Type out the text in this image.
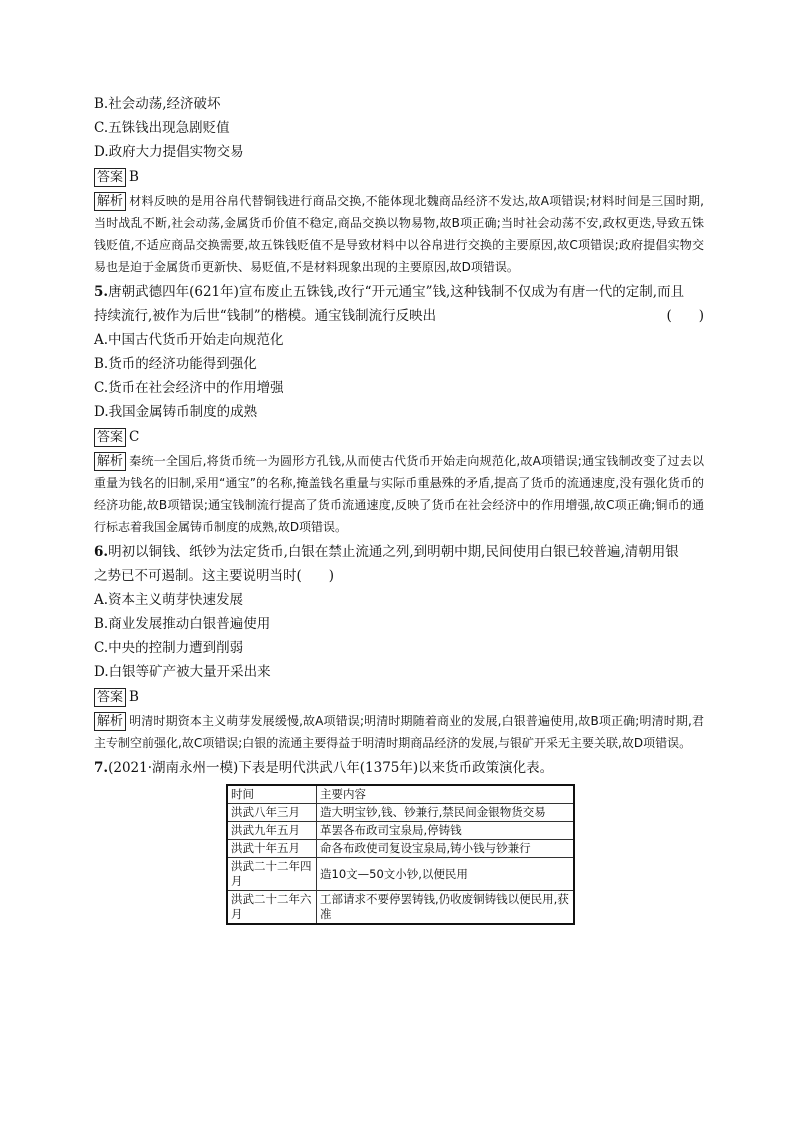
B.社会动荡,经济破坏
C.五铢钱出现急剧贬值
D.政府大力提倡实物交易
答案 B
解析 材料反映的是用谷帛代替铜钱进行商品交换,不能体现北魏商品经济不发达,故A项错误;材料时间是三国时期,当时战乱不断,社会动荡,金属货币价值不稳定,商品交换以物易物,故B项正确;当时社会动荡不安,政权更迭,导致五铢钱贬值,不适应商品交换需要,故五铢钱贬值不是导致材料中以谷帛进行交换的主要原因,故C项错误;政府提倡实物交易也是迫于金属货币更新快、易贬值,不是材料现象出现的主要原因,故D项错误。
5.唐朝武德四年(621年)宣布废止五铢钱,改行“开元通宝”钱,这种钱制不仅成为有唐一代的定制,而且
持续流行,被作为后世“钱制”的楷模。通宝钱制流行反映出	(　　)
A.中国古代货币开始走向规范化
B.货币的经济功能得到强化
C.货币在社会经济中的作用增强
D.我国金属铸币制度的成熟
答案 C
解析 秦统一全国后,将货币统一为圆形方孔钱,从而使古代货币开始走向规范化,故A项错误;通宝钱制改变了过去以重量为钱名的旧制,采用“通宝”的名称,掩盖钱名重量与实际币重悬殊的矛盾,提高了货币的流通速度,没有强化货币的经济功能,故B项错误;通宝钱制流行提高了货币流通速度,反映了货币在社会经济中的作用增强,故C项正确;铜币的通行标志着我国金属铸币制度的成熟,故D项错误。
6.明初以铜钱、纸钞为法定货币,白银在禁止流通之列,到明朝中期,民间使用白银已较普遍,清朝用银
之势已不可遏制。这主要说明当时(　　)
A.资本主义萌芽快速发展
B.商业发展推动白银普遍使用
C.中央的控制力遭到削弱
D.白银等矿产被大量开采出来
答案 B
解析 明清时期资本主义萌芽发展缓慢,故A项错误;明清时期随着商业的发展,白银普遍使用,故B项正确;明清时期,君主专制空前强化,故C项错误;白银的流通主要得益于明清时期商品经济的发展,与银矿开采无主要关联,故D项错误。
7.(2021·湖南永州一模)下表是明代洪武八年(1375年)以来货币政策演化表。
时间	主要内容
洪武八年三月	造大明宝钞,钱、钞兼行,禁民间金银物货交易
洪武九年五月	革罢各布政司宝泉局,停铸钱
洪武十年五月	命各布政使司复设宝泉局,铸小钱与钞兼行
洪武二十二年四月	造10文—50文小钞,以便民用
洪武二十二年六月	工部请求不要停罢铸钱,仍收废铜铸钱以便民用,获准
